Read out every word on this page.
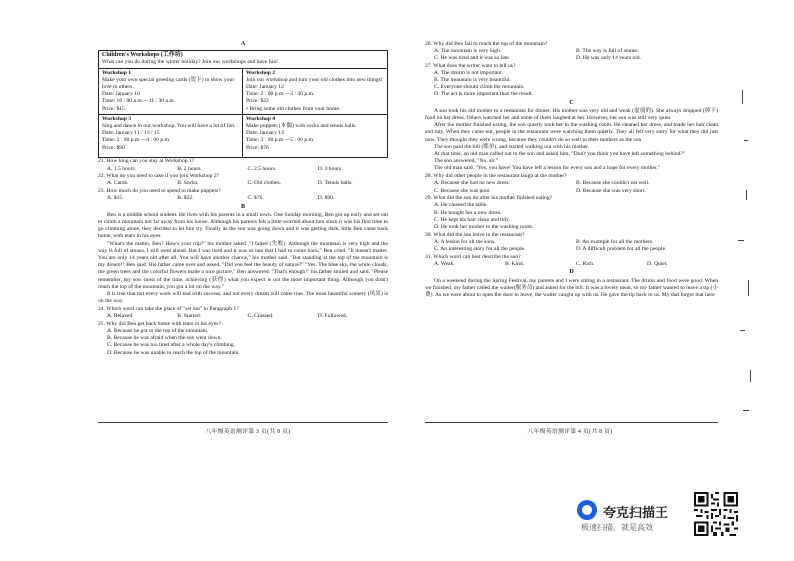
A
Children's Workshops (工作坊)
What can you do during the winter holiday? Join our workshops and have fun!
Workshop 1
Make your own special greeting cards (贺卡) to show your love to others.
Date: January 10
Time: 10 : 00 a.m.—11 : 30 a.m.
Price: $15
Workshop 2
Join our workshop and turn your old clothes into new things!
Date: January 12
Time: 2 : 00 p.m.—3 : 30 p.m.
Price: $22
• Bring some old clothes from your home.
Workshop 3
Sing and dance in our workshop. You will have a lot of fun.
Date: January 11 / 13 / 15
Time: 2 : 00 p.m.—4 : 00 p.m.
Price: $90
Workshop 4
Make puppets (木偶) with socks and tennis balls.
Date: January 14
Time: 3 : 00 p.m.—5 : 00 p.m.
Price: $76
21. How long can you stay at Workshop 1?
A. 1.5 hours.	B. 2 hours.	C. 2.5 hours.	D. 3 hours.
22. What do you need to take if you join Workshop 2?
A. Cards.	B. Socks.	C. Old clothes.	D. Tennis balls.
23. How much do you need to spend to make puppets?
A. $15.	B. $22.	C. $76.	D. $90.
B

Ben is a middle school student. He lives with his parents in a small town. One Sunday morning, Ben got up early and set out to climb a mountain not far away from his house. Although his parents felt a little worried about him since it was his first time to go climbing alone, they decided to let him try. Finally as the sun was going down and it was getting dark, little Ben came back home, with tears in his eyes.

"What's the matter, Ben? How's your trip?" his mother asked. "I failed (失败). Although the mountain is very high and the way is full of stones, I still went ahead. But I was tired and it was so late that I had to come back," Ben cried. "It doesn't matter. You are only 14 years old after all. You will have another chance," his mother said. "But standing at the top of the mountain is my dream!" Ben said. His father came over and asked, "Did you feel the beauty of nature?" "Yes. The blue sky, the white clouds, the green trees and the colorful flowers made a nice picture," Ben answered. "That's enough!" his father smiled and said. "Please remember, my son, most of the time, achieving (获得) what you expect is not the most important thing. Although you didn't reach the top of the mountain, you got a lot on the way."

It is true that not every work will end with success, and not every dream will come true. The most beautiful scenery (风景) is on the way.

24. Which word can take the place of "set out" in Paragraph 1?
A. Relaxed.	B. Started.	C. Crossed.	D. Followed.
25. Why did Ben get back home with tears in his eyes?
A. Because he got to the top of the mountain.
B. Because he was afraid when the sun went down.
C. Because he was too tired after a whole day's climbing.
D. Because he was unable to reach the top of the mountain.
八年级英语测评第 3 页(共 8 页)
26. Why did Ben fail to reach the top of the mountain?
A. The mountain is very high.	B. The way is full of stones.
C. He was tired and it was so late.	D. He was only 14 years old.
27. What does the writer want to tell us?
A. The dream is not important.
B. The mountain is very beautiful.
C. Everyone should climb the mountain.
D. The act is more important than the result.
C

A son took his old mother to a restaurant for dinner. His mother was very old and weak (虚弱的). She always dropped (掉下) food on her dress. Others watched her and some of them laughed at her. However, her son was still very quiet.

After the mother finished eating, the son quietly took her to the washing room. He cleaned her dress, and made her hair clean and tidy. When they came out, people in the restaurant were watching them quietly. They all felt very sorry for what they did just now. They thought they were wrong, because they couldn't do so well to their mothers as the son.

The son paid the bill (账单), and started walking out with his mother.

At that time, an old man called out to the son and asked him, "Don't you think you have left something behind?"

The son answered, "No, sir."

The old man said, "Yes, you have! You have left a lesson for every son and a hope for every mother."

28. Why did other people in the restaurant laugh at the mother?
A. Because she had no new dress.	B. Because she couldn't eat well.
C. Because she was poor.	D. Because she was very short.
29. What did the son do after his mother finished eating?
A. He cleaned the table.
B. He bought her a new dress.
C. He kept his hair clean and tidy.
D. He took her mother to the washing room.
30. What did the son leave in the restaurant?
A. A lesson for all the sons.	B. An example for all the mothers.
C. An interesting story for all the people.	D. A difficult problem for all the people.
31. Which word can best describe the son?
A. Weak.	B. Kind.	C. Rich.	D. Quiet.
D

On a weekend during the Spring Festival, my parents and I were sitting in a restaurant. The drinks and food were good. When we finished, my father called the waiter(服务员) and asked for the bill. It was a lovely meal, so my father wanted to leave a tip (小费). As we were about to open the door to leave, the waiter caught up with us. He gave the tip back to us. My dad forgot that here

八年级英语测评第 4 页(共 8 页)
夸克扫描王
极速扫描，就是高效
